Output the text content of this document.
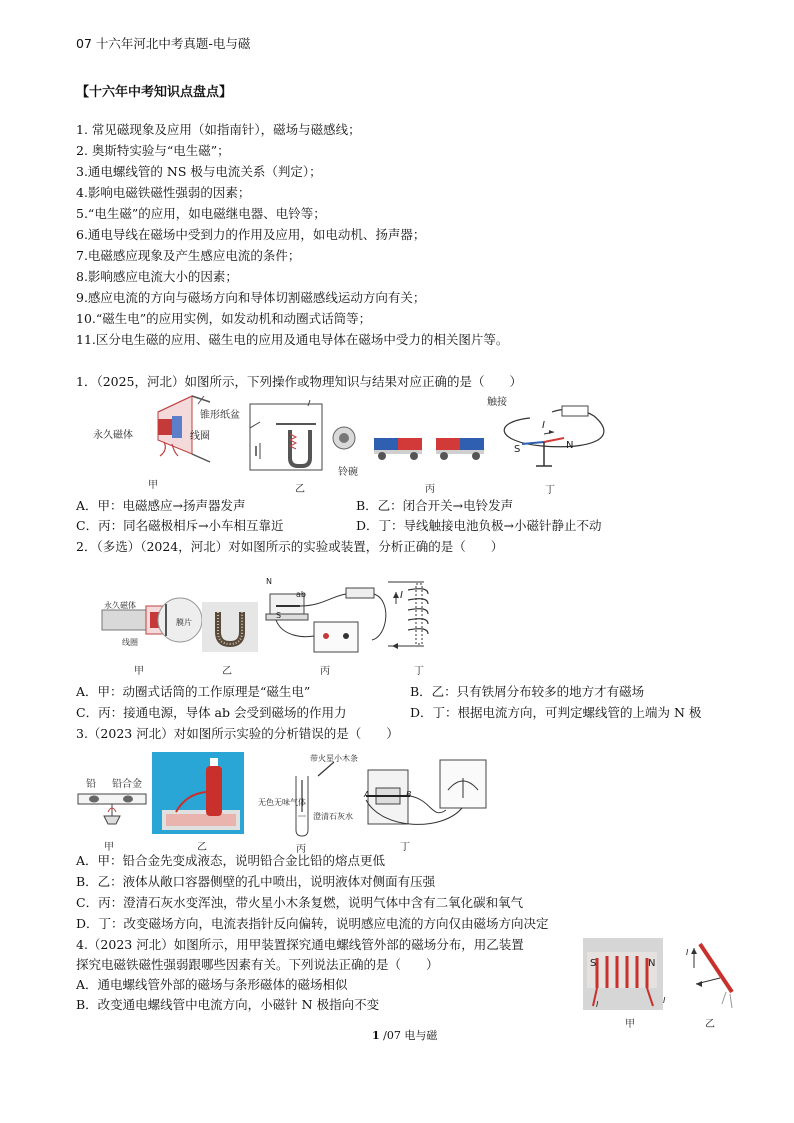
07 十六年河北中考真题-电与磁
【十六年中考知识点盘点】
1. 常见磁现象及应用（如指南针），磁场与磁感线；
2. 奥斯特实验与“电生磁”；
3.通电螺线管的 NS 极与电流关系（判定）；
4.影响电磁铁磁性强弱的因素；
5.“电生磁”的应用，如电磁继电器、电铃等；
6.通电导线在磁场中受到力的作用及应用，如电动机、扬声器；
7.电磁感应现象及产生感应电流的条件；
8.影响感应电流大小的因素；
9.感应电流的方向与磁场方向和导体切割磁感线运动方向有关；
10.“磁生电”的应用实例，如发动机和动圈式话筒等；
11.区分电生磁的应用、磁生电的应用及通电导体在磁场中受力的相关图片等。
1．（2025，河北）如图所示，下列操作或物理知识与结果对应正确的是（　　）
永久磁体
锥形纸盆
线圈
甲
铃碗
乙	丙
触接
I
S	N
丁
A．甲：电磁感应→扬声器发声	B．乙：闭合开关→电铃发声
C．丙：同名磁极相斥→小车相互靠近	D．丁：导线触接电池负极→小磁针静止不动
2．（多选）（2024，河北）对如图所示的实验或装置，分析正确的是（　　）
永久磁体
膜片
线圈
甲	乙
N
S
ab
丙
I
丁
A．甲：动圈式话筒的工作原理是“磁生电”	B．乙：只有铁屑分布较多的地方才有磁场
C．丙：接通电源，导体 ab 会受到磁场的作用力	D．丁：根据电流方向，可判定螺线管的上端为 N 极
3.（2023 河北）对如图所示实验的分析错误的是（　　）
铅 铅合金
甲	乙
带火星小木条
无色无味气体
澄清石灰水
丙
A	B
丁
A．甲：铅合金先变成液态，说明铅合金比铅的熔点更低
B．乙：液体从敞口容器侧壁的孔中喷出，说明液体对侧面有压强
C．丙：澄清石灰水变浑浊，带火星小木条复燃，说明气体中含有二氧化碳和氧气
D．丁：改变磁场方向，电流表指针反向偏转，说明感应电流的方向仅由磁场方向决定
4.（2023 河北）如图所示，用甲装置探究通电螺线管外部的磁场分布，用乙装置
探究电磁铁磁性强弱跟哪些因素有关。下列说法正确的是（　　）
A．通电螺线管外部的磁场与条形磁体的磁场相似
B．改变通电螺线管中电流方向，小磁针 N 极指向不变
S	N
I	I
甲
I
乙
1 /07 电与磁
